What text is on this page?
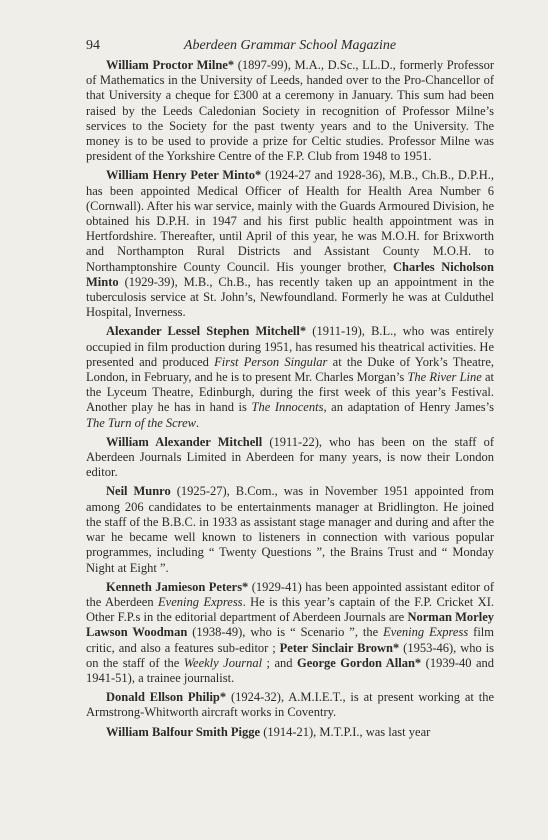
94	Aberdeen Grammar School Magazine

William Proctor Milne* (1897-99), M.A., D.Sc., LL.D., formerly Professor of Mathematics in the University of Leeds, handed over to the Pro-Chancellor of that University a cheque for £300 at a ceremony in January. This sum had been raised by the Leeds Caledonian Society in recognition of Professor Milne’s services to the Society for the past twenty years and to the University. The money is to be used to provide a prize for Celtic studies. Professor Milne was president of the Yorkshire Centre of the F.P. Club from 1948 to 1951.

William Henry Peter Minto* (1924-27 and 1928-36), M.B., Ch.B., D.P.H., has been appointed Medical Officer of Health for Health Area Number 6 (Cornwall). After his war service, mainly with the Guards Armoured Division, he obtained his D.P.H. in 1947 and his first public health appointment was in Hertfordshire. Thereafter, until April of this year, he was M.O.H. for Brixworth and Northampton Rural Districts and Assistant County M.O.H. to Northamptonshire County Council. His younger brother, Charles Nicholson Minto (1929-39), M.B., Ch.B., has recently taken up an appointment in the tuberculosis service at St. John’s, Newfoundland. Formerly he was at Culduthel Hospital, Inverness.

Alexander Lessel Stephen Mitchell* (1911-19), B.L., who was entirely occupied in film production during 1951, has resumed his theatrical activities. He presented and produced First Person Singular at the Duke of York’s Theatre, London, in February, and he is to present Mr. Charles Morgan’s The River Line at the Lyceum Theatre, Edinburgh, during the first week of this year’s Festival. Another play he has in hand is The Innocents, an adaptation of Henry James’s The Turn of the Screw.

William Alexander Mitchell (1911-22), who has been on the staff of Aberdeen Journals Limited in Aberdeen for many years, is now their London editor.

Neil Munro (1925-27), B.Com., was in November 1951 appointed from among 206 candidates to be entertainments manager at Bridlington. He joined the staff of the B.B.C. in 1933 as assistant stage manager and during and after the war he became well known to listeners in connection with various popular programmes, including “ Twenty Questions ”, the Brains Trust and “ Monday Night at Eight ”.

Kenneth Jamieson Peters* (1929-41) has been appointed assistant editor of the Aberdeen Evening Express. He is this year’s captain of the F.P. Cricket XI. Other F.P.s in the editorial department of Aberdeen Journals are Norman Morley Lawson Woodman (1938-49), who is “ Scenario ”, the Evening Express film critic, and also a features sub-editor ; Peter Sinclair Brown* (1953-46), who is on the staff of the Weekly Journal ; and George Gordon Allan* (1939-40 and 1941-51), a trainee journalist.

Donald Ellson Philip* (1924-32), A.M.I.E.T., is at present working at the Armstrong-Whitworth aircraft works in Coventry.

William Balfour Smith Pigge (1914-21), M.T.P.I., was last year
